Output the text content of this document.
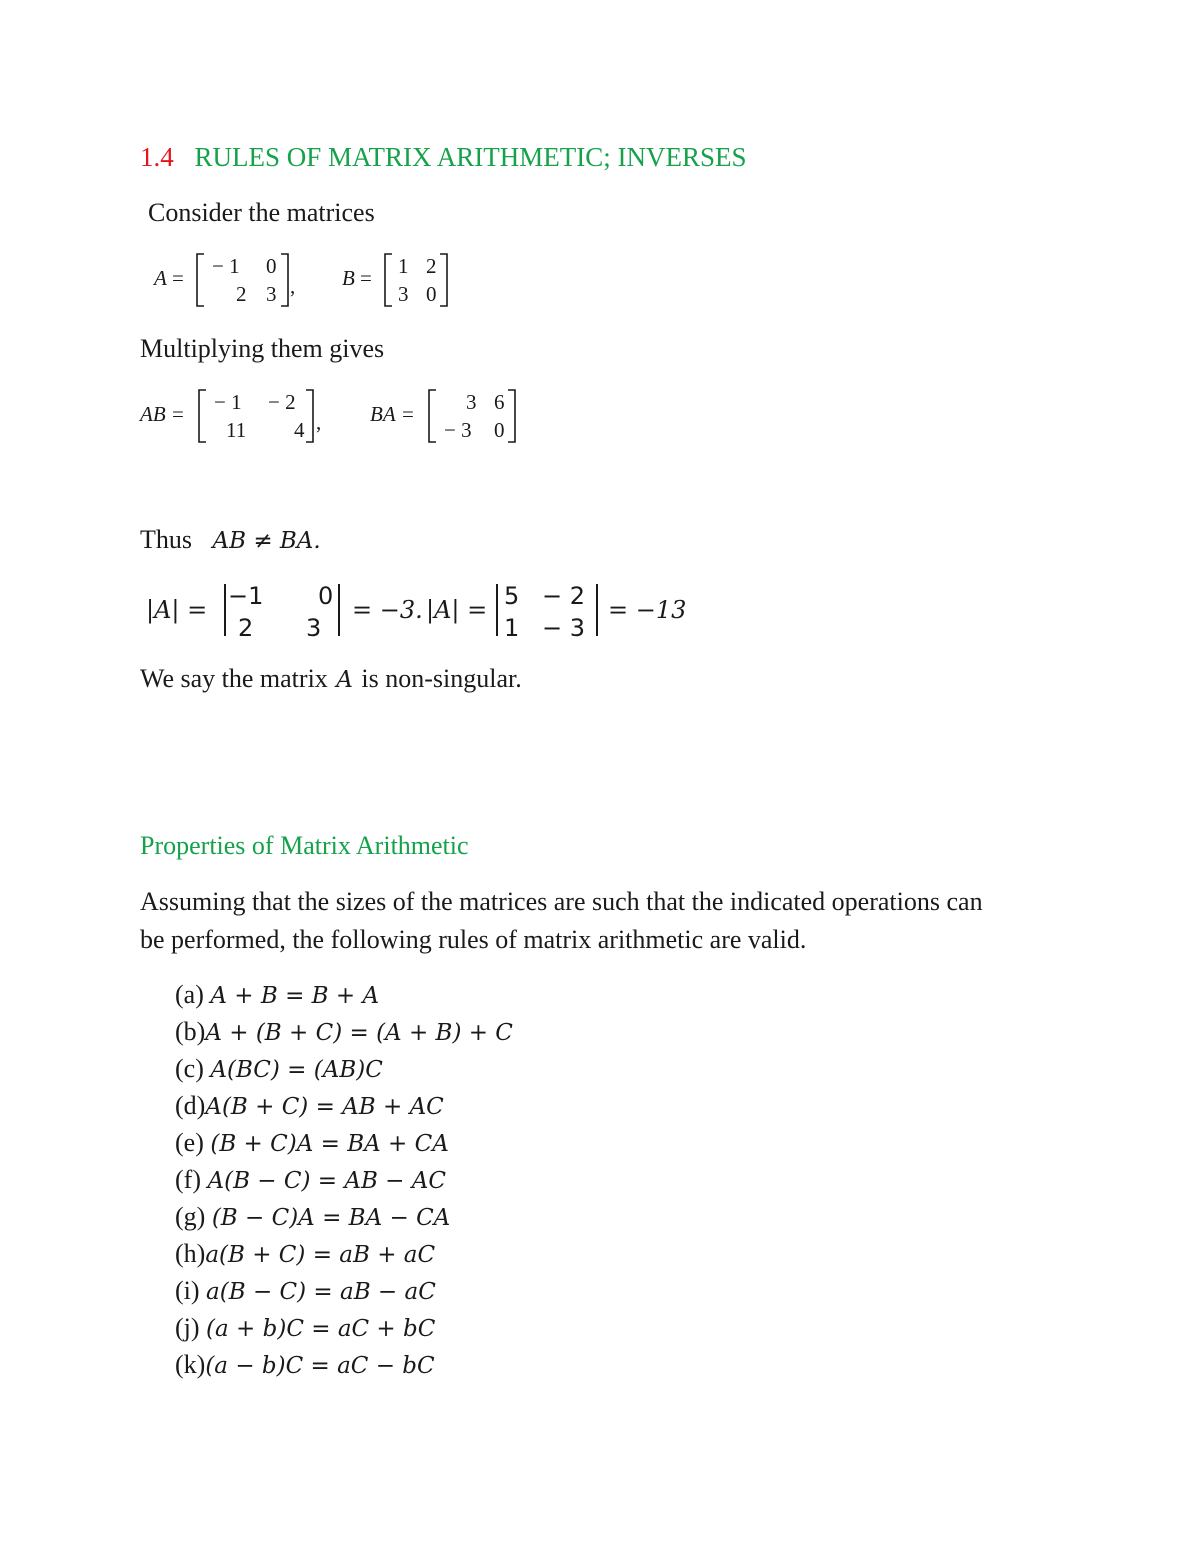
1.4 RULES OF MATRIX ARITHMETIC; INVERSES
Consider the matrices
A = − 1 0
2 3 , B = 1 2
3 0
Multiplying them gives
AB = − 1 − 2
11 4 , BA = 3 6
− 3 0
Thus AB ≠ BA.
|A| = −1 0
2 3
= −3. |A| = 5 − 2
1 − 3
= −13
We say the matrix A is non-singular.
Properties of Matrix Arithmetic
Assuming that the sizes of the matrices are such that the indicated operations can
be performed, the following rules of matrix arithmetic are valid.
(a) A + B = B + A
(b)A + (B + C) = (A + B) + C
(c) A(BC) = (AB)C
(d)A(B + C) = AB + AC
(e) (B + C)A = BA + CA
(f) A(B − C) = AB − AC
(g) (B − C)A = BA − CA
(h)a(B + C) = aB + aC
(i) a(B − C) = aB − aC
(j) (a + b)C = aC + bC
(k)(a − b)C = aC − bC
